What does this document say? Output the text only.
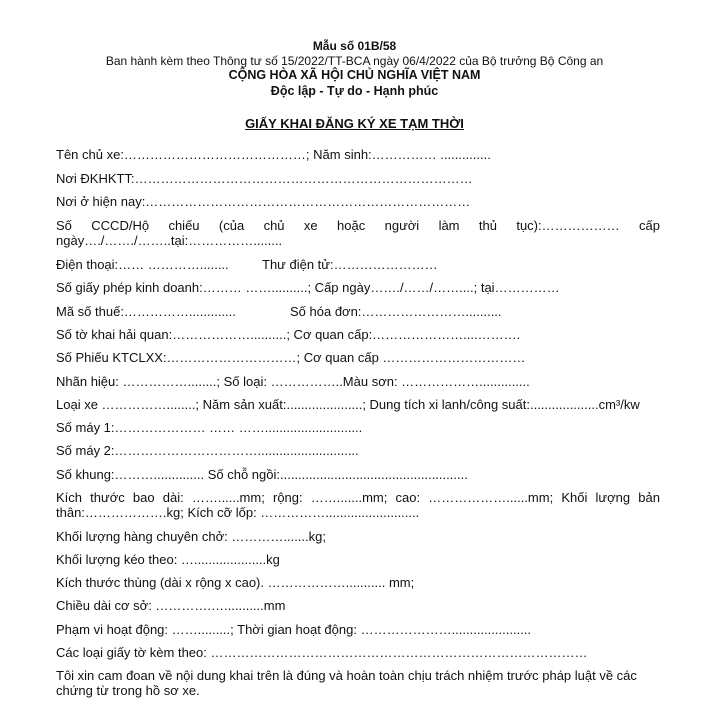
Mẫu số 01B/58
Ban hành kèm theo Thông tư số 15/2022/TT-BCA ngày 06/4/2022 của Bộ trưởng Bộ Công an
CỘNG HÒA XÃ HỘI CHỦ NGHĨA VIỆT NAM
Độc lập - Tự do - Hạnh phúc
GIẤY KHAI ĐĂNG KÝ XE TẠM THỜI
Tên chủ xe:……………………………………; Năm sinh:…………… ..............
Nơi ĐKHKTT:……………………………………………………………………
Nơi ở hiện nay:…………………………………………………………………
Số CCCD/Hộ chiếu (của chủ xe hoặc người làm thủ tục):……………… cấp
ngày…./……./……..tại:……………........
Điện thoại:…… …………........	Thư điện tử:……………………
Số giấy phép kinh doanh:……… ……..........; Cấp ngày……./……/……....; tại……………
Mã số thuế:…………….............	Số hóa đơn:……………………..........
Số tờ khai hải quan:………………..........; Cơ quan cấp:…………………....……….
Số Phiếu KTCLXX:…………………………; Cơ quan cấp ……………………………
Nhãn hiệu: ……………........; Số loại: ……………..Màu sơn: ………………..............
Loại xe ……………........; Năm sản xuất:.....................; Dung tích xi lanh/công suất:...................cm³/kw
Số máy 1:………………… …… ……...........................
Số máy 2:……………………………............................
Số khung:……….............. Số chỗ ngồi:....................................................
Kích thước bao dài: ……......mm; rộng: …….......mm; cao: ………………......mm; Khối lượng bản
thân:……………….kg; Kích cỡ lốp: ……………..........................
Khối lượng hàng chuyên chở: ………….......kg;
Khối lượng kéo theo: …....................kg
Kích thước thùng (dài x rộng x cao). ………………........... mm;
Chiều dài cơ sở: ………….…...........mm
Phạm vi hoạt động: …….........; Thời gian hoạt động: …………………......................
Các loại giấy tờ kèm theo: ……………………………………………………………………………
Tôi xin cam đoan về nội dung khai trên là đúng và hoàn toàn chịu trách nhiệm trước pháp luật về các
chứng từ trong hồ sơ xe.
